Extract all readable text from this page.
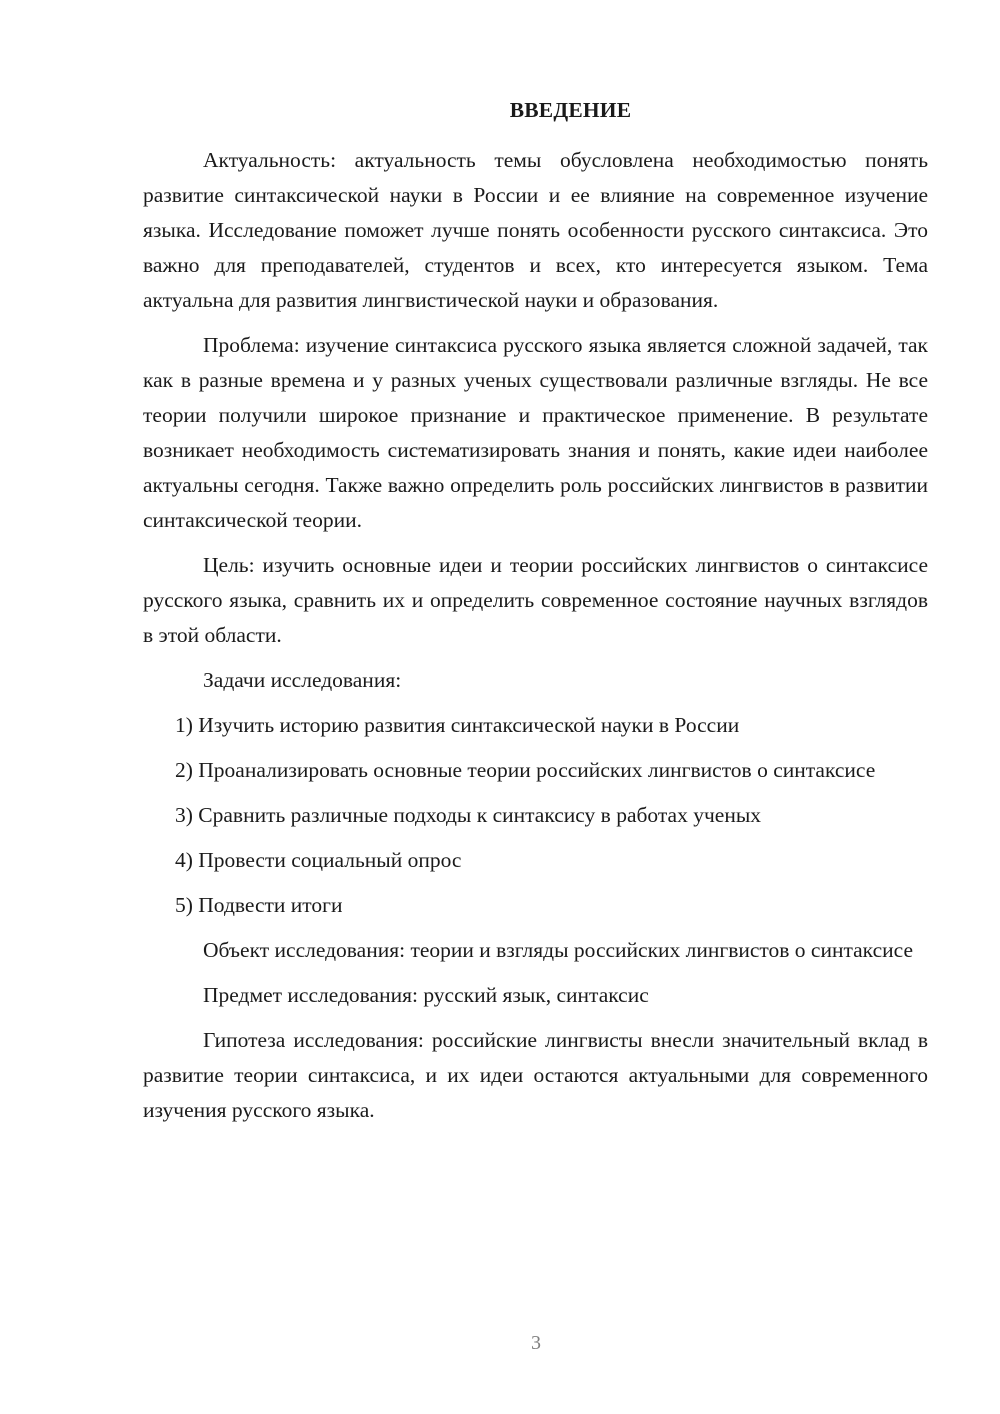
ВВЕДЕНИЕ

Актуальность: актуальность темы обусловлена необходимостью понять развитие синтаксической науки в России и ее влияние на современное изучение языка. Исследование поможет лучше понять особенности русского синтаксиса. Это важно для преподавателей, студентов и всех, кто интересуется языком. Тема актуальна для развития лингвистической науки и образования.

Проблема: изучение синтаксиса русского языка является сложной задачей, так как в разные времена и у разных ученых существовали различные взгляды. Не все теории получили широкое признание и практическое применение. В результате возникает необходимость систематизировать знания и понять, какие идеи наиболее актуальны сегодня. Также важно определить роль российских лингвистов в развитии синтаксической теории.

Цель: изучить основные идеи и теории российских лингвистов о синтаксисе русского языка, сравнить их и определить современное состояние научных взглядов в этой области.

Задачи исследования:

1) Изучить историю развития синтаксической науки в России

2) Проанализировать основные теории российских лингвистов о синтаксисе

3) Сравнить различные подходы к синтаксису в работах ученых

4) Провести социальный опрос

5) Подвести итоги

Объект исследования: теории и взгляды российских лингвистов о синтаксисе

Предмет исследования: русский язык, синтаксис

Гипотеза исследования: российские лингвисты внесли значительный вклад в развитие теории синтаксиса, и их идеи остаются актуальными для современного изучения русского языка.

3
